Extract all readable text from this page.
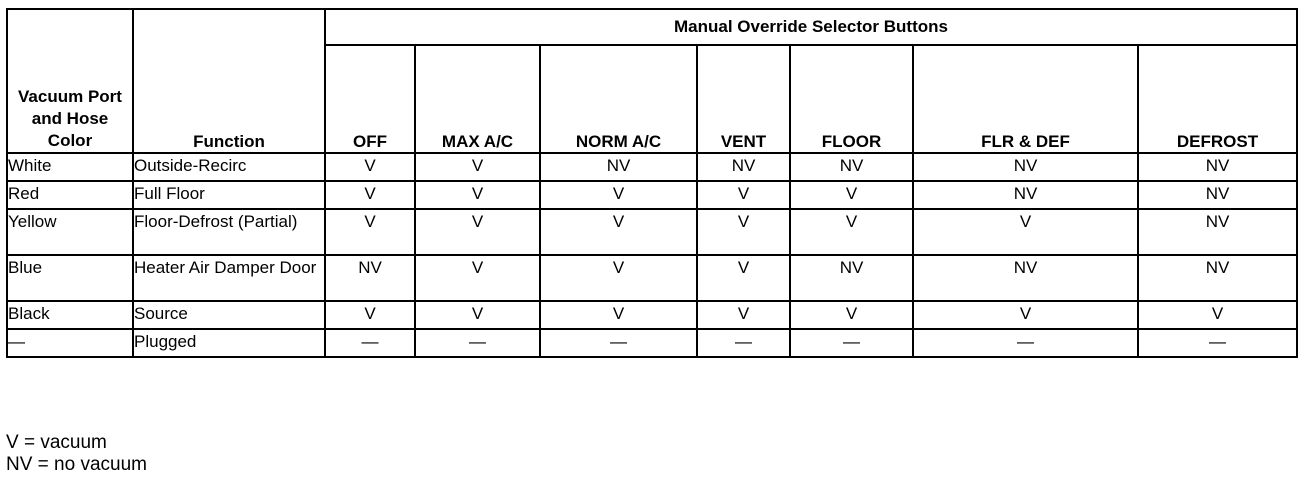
Vacuum Port and Hose Color	Function	Manual Override Selector Buttons						
		OFF	MAX A/C	NORM A/C	VENT	FLOOR	FLR & DEF	DEFROST
White	Outside-Recirc	V	V	NV	NV	NV	NV	NV
Red	Full Floor	V	V	V	V	V	NV	NV
Yellow	Floor-Defrost (Partial)	V	V	V	V	V	V	NV
Blue	Heater Air Damper Door	NV	V	V	V	NV	NV	NV
Black	Source	V	V	V	V	V	V	V
—	Plugged	—	—	—	—	—	—	—
V = vacuum
NV = no vacuum
